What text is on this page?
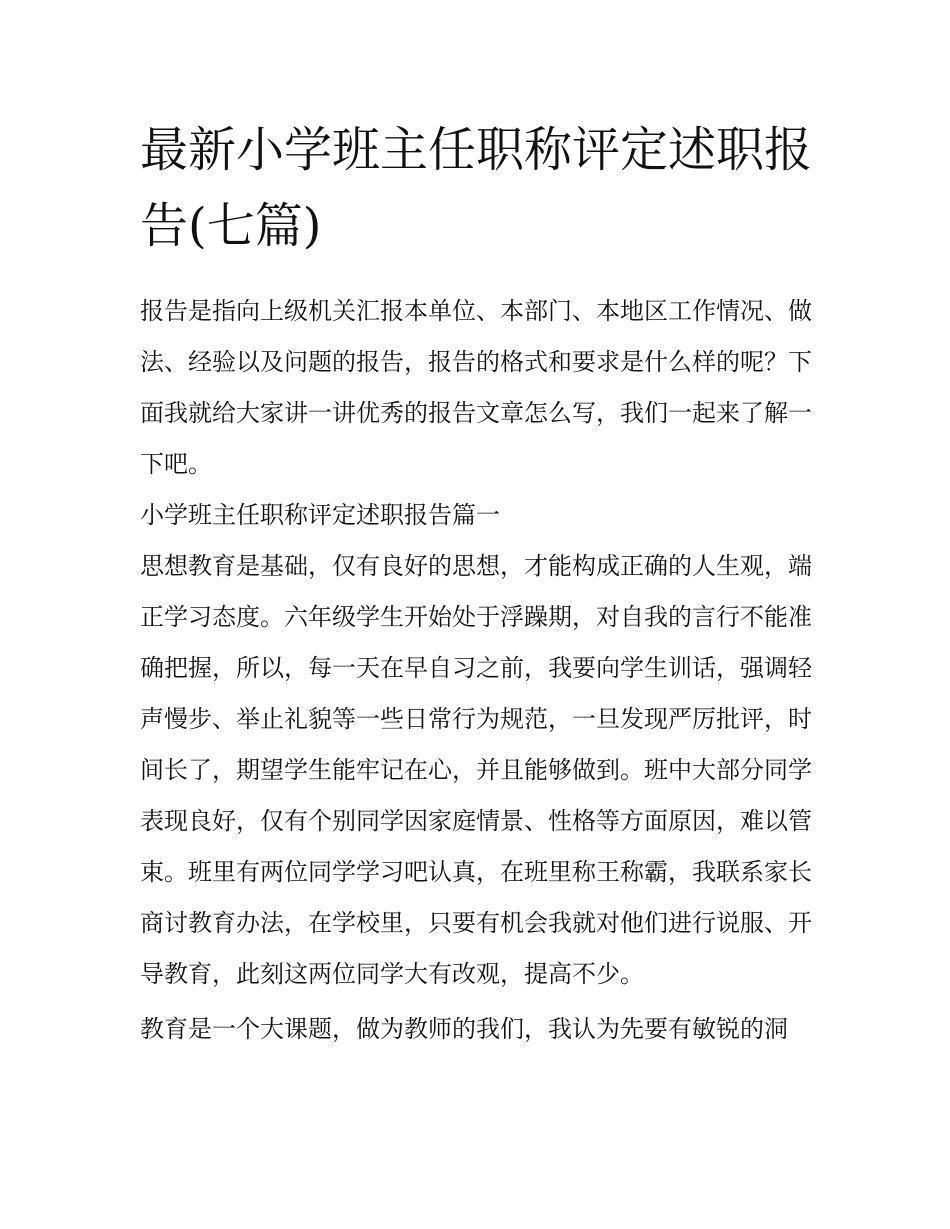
最新小学班主任职称评定述职报告(七篇)

报告是指向上级机关汇报本单位、本部门、本地区工作情况、做法、经验以及问题的报告，报告的格式和要求是什么样的呢？下面我就给大家讲一讲优秀的报告文章怎么写，我们一起来了解一下吧。

小学班主任职称评定述职报告篇一

思想教育是基础，仅有良好的思想，才能构成正确的人生观，端正学习态度。六年级学生开始处于浮躁期，对自我的言行不能准确把握，所以，每一天在早自习之前，我要向学生训话，强调轻声慢步、举止礼貌等一些日常行为规范，一旦发现严厉批评，时间长了，期望学生能牢记在心，并且能够做到。班中大部分同学表现良好，仅有个别同学因家庭情景、性格等方面原因，难以管束。班里有两位同学学习吧认真，在班里称王称霸，我联系家长商讨教育办法，在学校里，只要有机会我就对他们进行说服、开导教育，此刻这两位同学大有改观，提高不少。

教育是一个大课题，做为教师的我们，我认为先要有敏锐的洞
